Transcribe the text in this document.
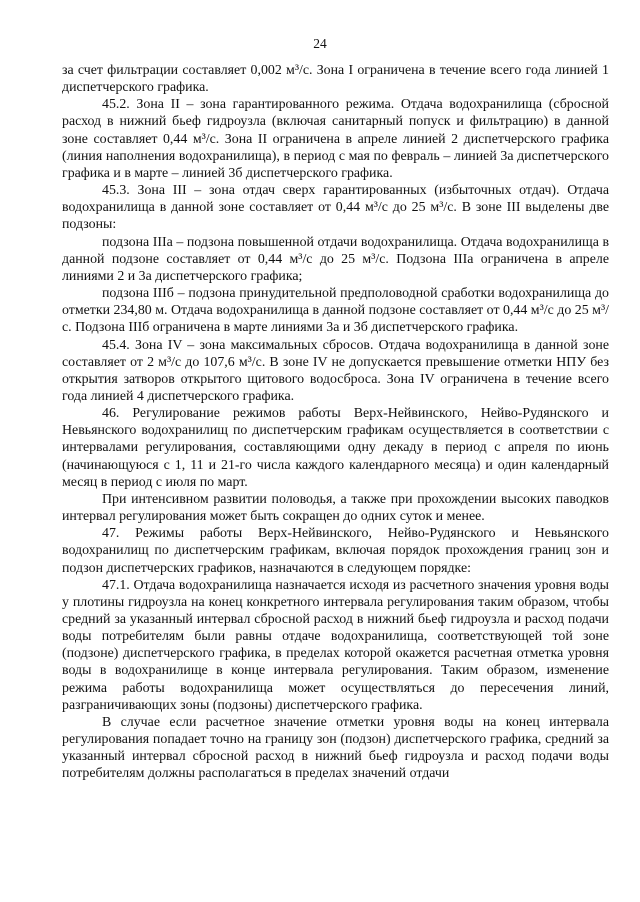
24

за счет фильтрации составляет 0,002 м³/с. Зона I ограничена в течение всего года линией 1 диспетчерского графика.

45.2. Зона II – зона гарантированного режима. Отдача водохранилища (сбросной расход в нижний бьеф гидроузла (включая санитарный попуск и фильтрацию) в данной зоне составляет 0,44 м³/с. Зона II ограничена в апреле линией 2 диспетчерского графика (линия наполнения водохранилища), в период с мая по февраль – линией 3а диспетчерского графика и в марте – линией 3б диспетчерского графика.

45.3. Зона III – зона отдач сверх гарантированных (избыточных отдач). Отдача водохранилища в данной зоне составляет от 0,44 м³/с до 25 м³/с. В зоне III выделены две подзоны:

подзона IIIа – подзона повышенной отдачи водохранилища. Отдача водохранилища в данной подзоне составляет от 0,44 м³/с до 25 м³/с. Подзона IIIа ограничена в апреле линиями 2 и 3а диспетчерского графика;

подзона IIIб – подзона принудительной предполоводной сработки водохранилища до отметки 234,80 м. Отдача водохранилища в данной подзоне составляет от 0,44 м³/с до 25 м³/с. Подзона IIIб ограничена в марте линиями 3а и 3б диспетчерского графика.

45.4. Зона IV – зона максимальных сбросов. Отдача водохранилища в данной зоне составляет от 2 м³/с до 107,6 м³/с. В зоне IV не допускается превышение отметки НПУ без открытия затворов открытого щитового водосброса. Зона IV ограничена в течение всего года линией 4 диспетчерского графика.

46. Регулирование режимов работы Верх-Нейвинского, Нейво-Рудянского и Невьянского водохранилищ по диспетчерским графикам осуществляется в соответствии с интервалами регулирования, составляющими одну декаду в период с апреля по июнь (начинающуюся с 1, 11 и 21-го числа каждого календарного месяца) и один календарный месяц в период с июля по март.

При интенсивном развитии половодья, а также при прохождении высоких паводков интервал регулирования может быть сокращен до одних суток и менее.

47. Режимы работы Верх-Нейвинского, Нейво-Рудянского и Невьянского водохранилищ по диспетчерским графикам, включая порядок прохождения границ зон и подзон диспетчерских графиков, назначаются в следующем порядке:

47.1. Отдача водохранилища назначается исходя из расчетного значения уровня воды у плотины гидроузла на конец конкретного интервала регулирования таким образом, чтобы средний за указанный интервал сбросной расход в нижний бьеф гидроузла и расход подачи воды потребителям были равны отдаче водохранилища, соответствующей той зоне (подзоне) диспетчерского графика, в пределах которой окажется расчетная отметка уровня воды в водохранилище в конце интервала регулирования. Таким образом, изменение режима работы водохранилища может осуществляться до пересечения линий, разграничивающих зоны (подзоны) диспетчерского графика.

В случае если расчетное значение отметки уровня воды на конец интервала регулирования попадает точно на границу зон (подзон) диспетчерского графика, средний за указанный интервал сбросной расход в нижний бьеф гидроузла и расход подачи воды потребителям должны располагаться в пределах значений отдачи
